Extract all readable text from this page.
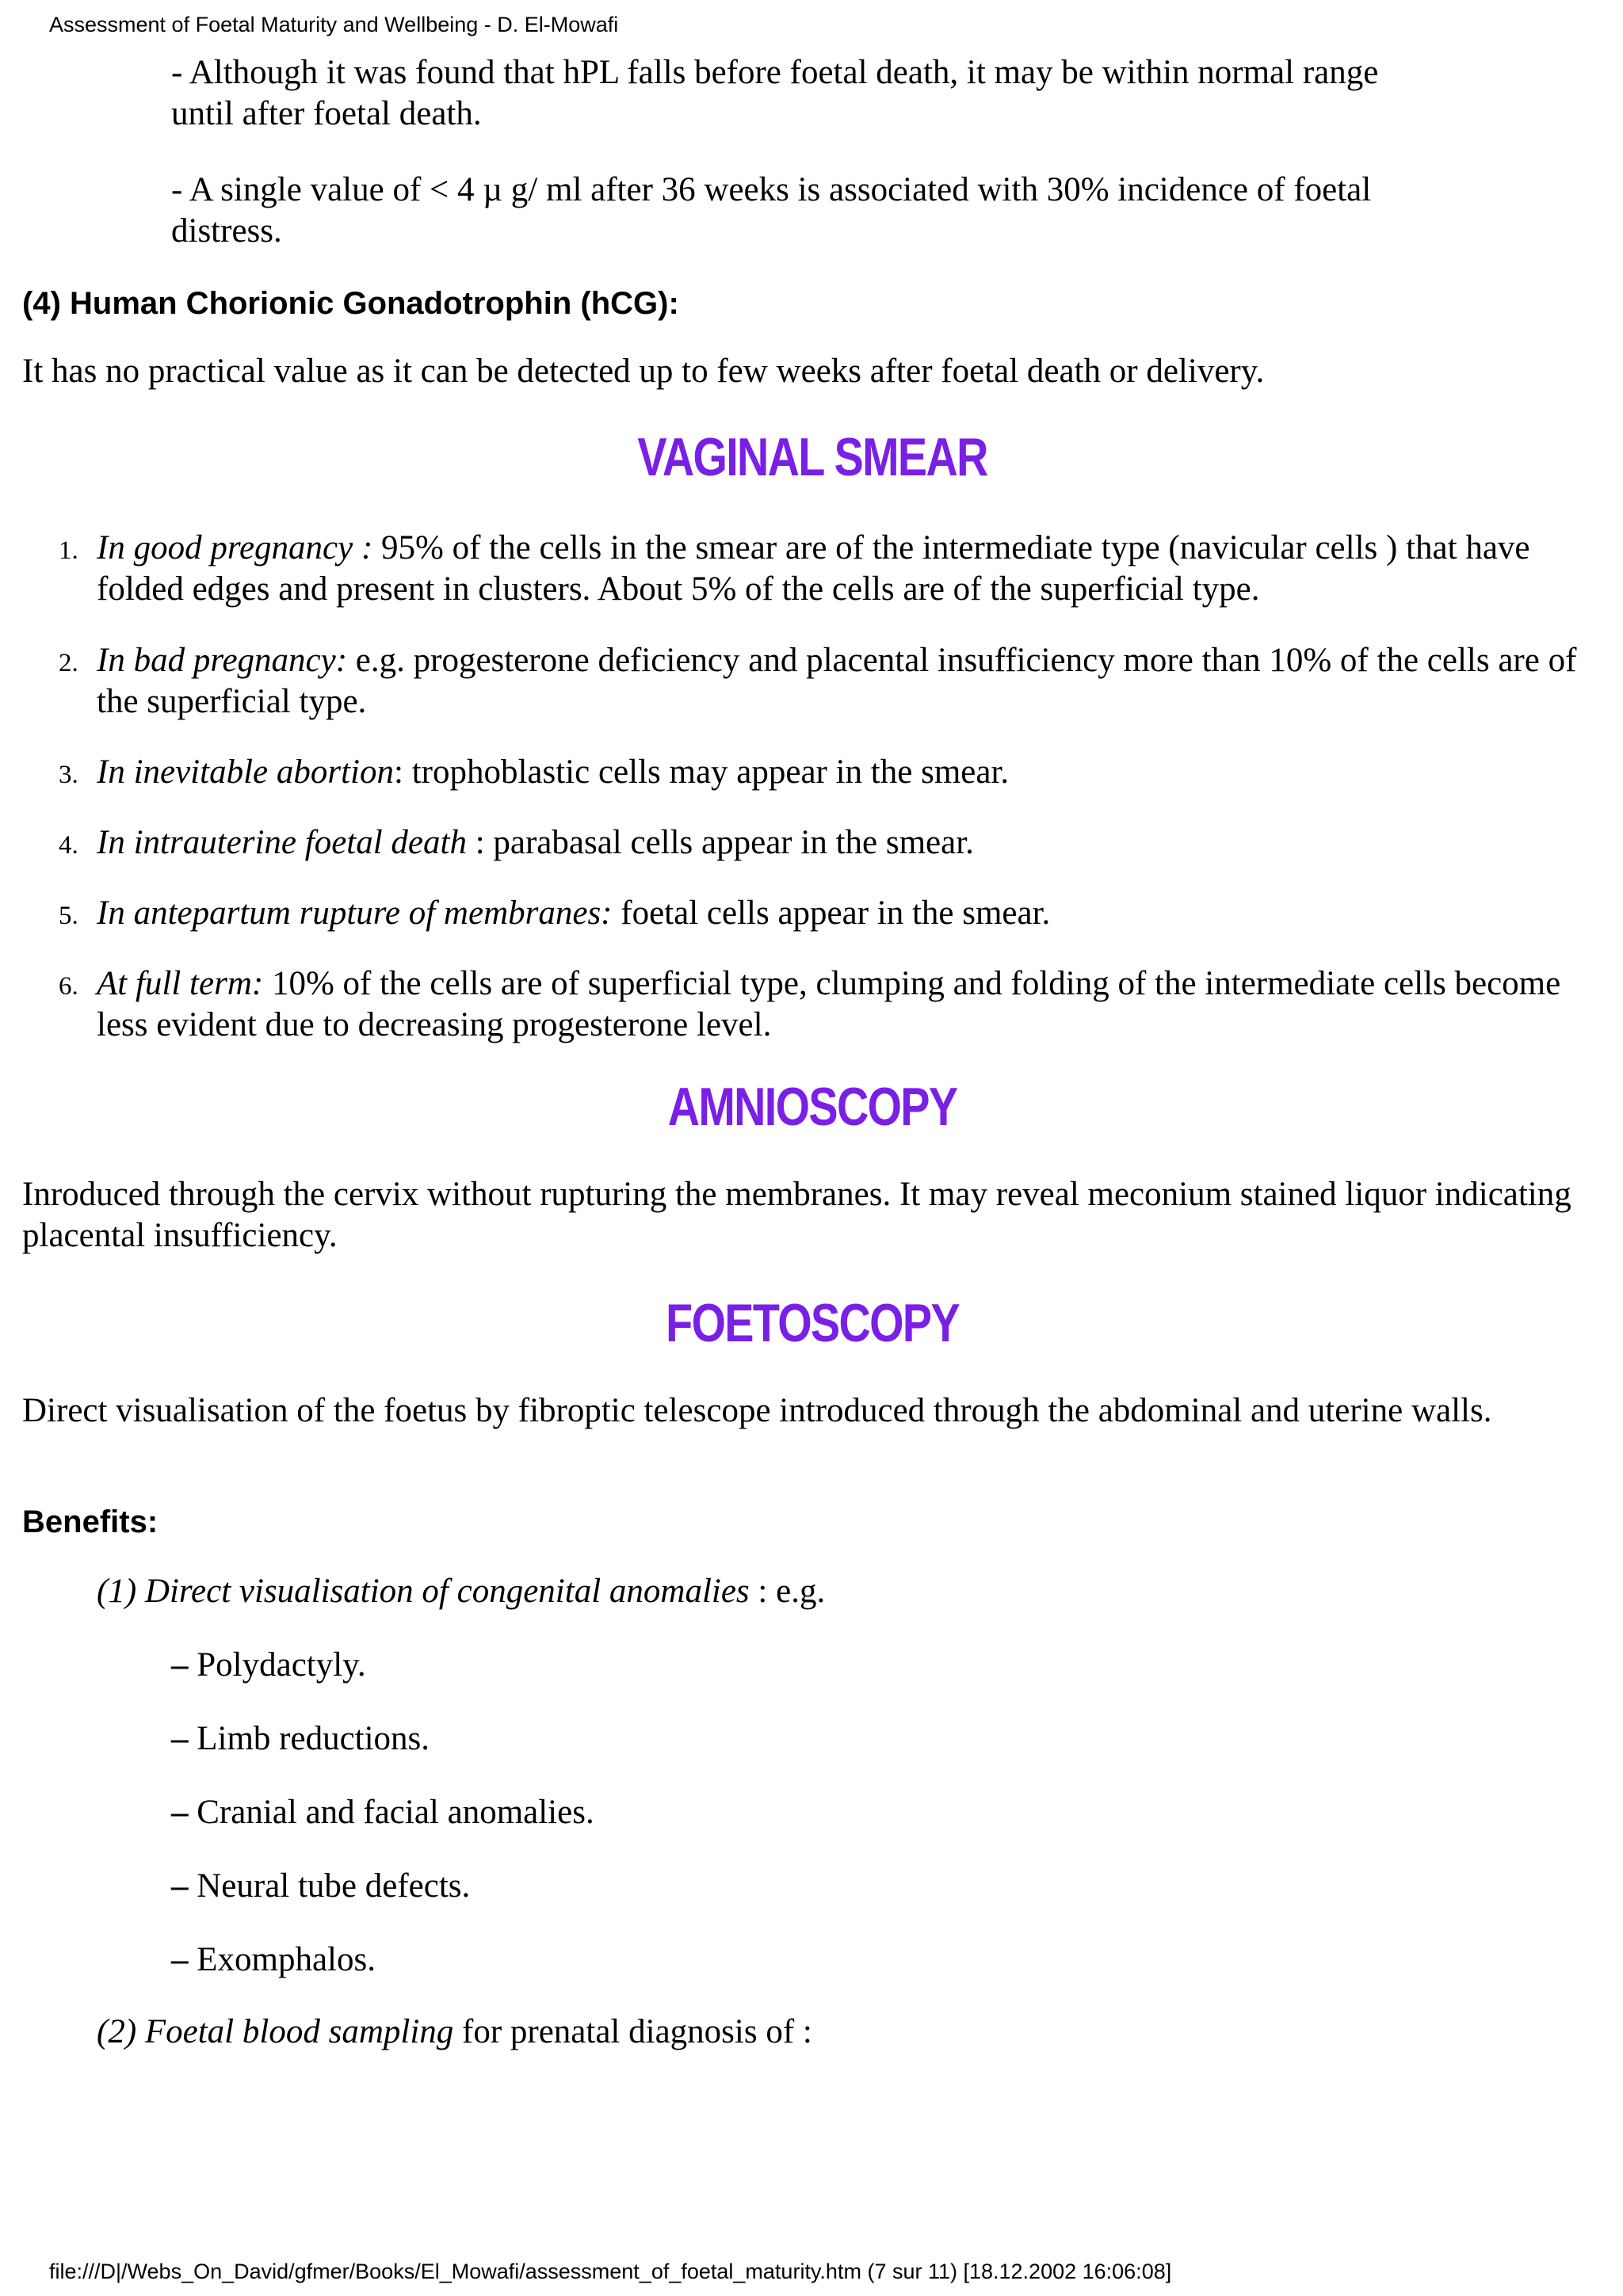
Assessment of Foetal Maturity and Wellbeing - D. El-Mowafi
- Although it was found that hPL falls before foetal death, it may be within normal range until after foetal death.
- A single value of < 4 µ g/ ml after 36 weeks is associated with 30% incidence of foetal distress.
(4) Human Chorionic Gonadotrophin (hCG):
It has no practical value as it can be detected up to few weeks after foetal death or delivery.
VAGINAL SMEAR
1. In good pregnancy : 95% of the cells in the smear are of the intermediate type (navicular cells ) that have folded edges and present in clusters. About 5% of the cells are of the superficial type.
2. In bad pregnancy: e.g. progesterone deficiency and placental insufficiency more than 10% of the cells are of the superficial type.
3. In inevitable abortion: trophoblastic cells may appear in the smear.
4. In intrauterine foetal death : parabasal cells appear in the smear.
5. In antepartum rupture of membranes: foetal cells appear in the smear.
6. At full term: 10% of the cells are of superficial type, clumping and folding of the intermediate cells become less evident due to decreasing progesterone level.
AMNIOSCOPY
Inroduced through the cervix without rupturing the membranes. It may reveal meconium stained liquor indicating placental insufficiency.
FOETOSCOPY
Direct visualisation of the foetus by fibroptic telescope introduced through the abdominal and uterine walls.
Benefits:
(1) Direct visualisation of congenital anomalies : e.g.
– Polydactyly.
– Limb reductions.
– Cranial and facial anomalies.
– Neural tube defects.
– Exomphalos.
(2) Foetal blood sampling for prenatal diagnosis of :
file:///D|/Webs_On_David/gfmer/Books/El_Mowafi/assessment_of_foetal_maturity.htm (7 sur 11) [18.12.2002 16:06:08]
